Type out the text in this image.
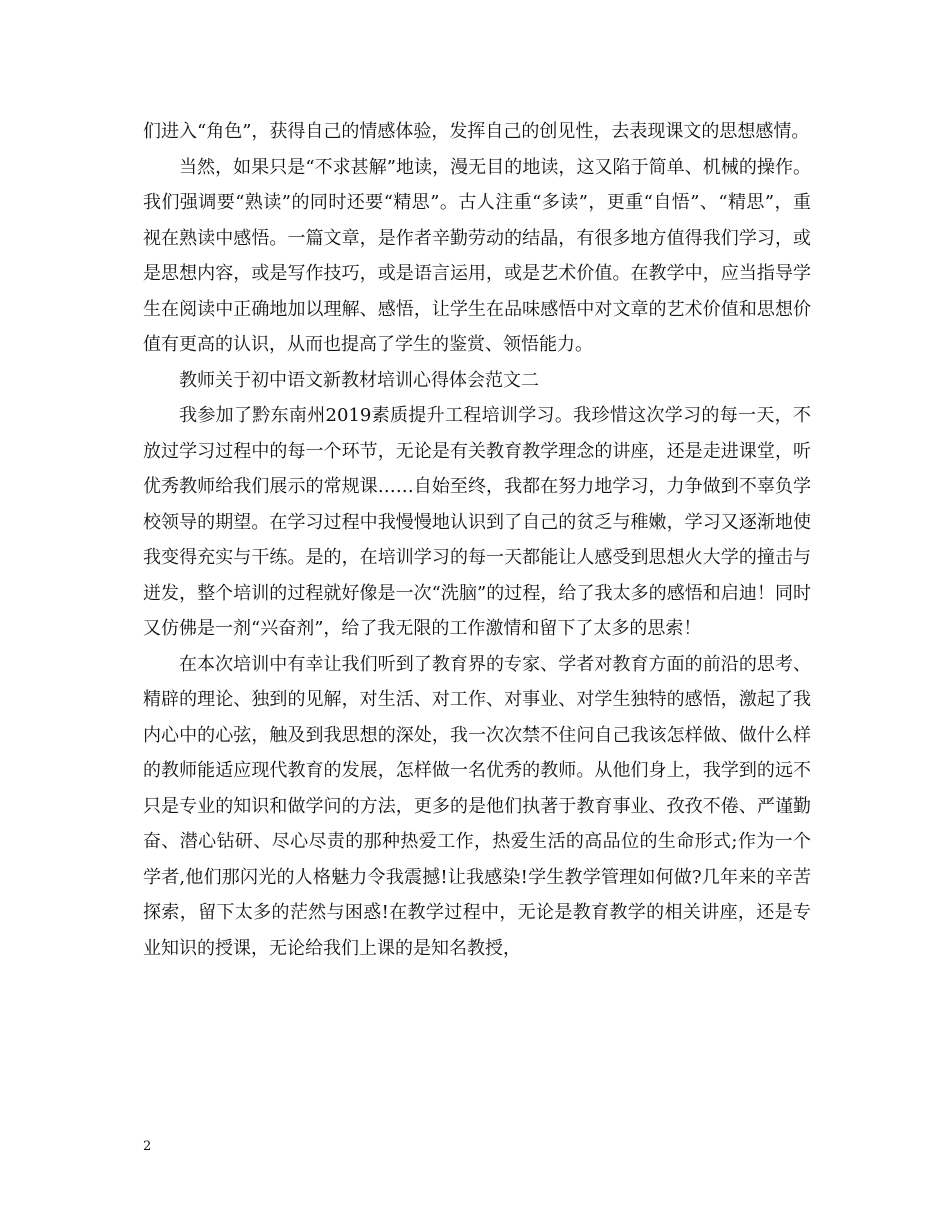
们进入“角色”，获得自己的情感体验，发挥自己的创见性，去表现课文的思想感情。

当然，如果只是“不求甚解”地读，漫无目的地读，这又陷于简单、机械的操作。我们强调要“熟读”的同时还要“精思”。古人注重“多读”，更重“自悟”、“精思”，重视在熟读中感悟。一篇文章，是作者辛勤劳动的结晶，有很多地方值得我们学习，或是思想内容，或是写作技巧，或是语言运用，或是艺术价值。在教学中，应当指导学生在阅读中正确地加以理解、感悟，让学生在品味感悟中对文章的艺术价值和思想价值有更高的认识，从而也提高了学生的鉴赏、领悟能力。

教师关于初中语文新教材培训心得体会范文二

我参加了黔东南州2019素质提升工程培训学习。我珍惜这次学习的每一天，不放过学习过程中的每一个环节，无论是有关教育教学理念的讲座，还是走进课堂，听优秀教师给我们展示的常规课……自始至终，我都在努力地学习，力争做到不辜负学校领导的期望。在学习过程中我慢慢地认识到了自己的贫乏与稚嫩，学习又逐渐地使我变得充实与干练。是的，在培训学习的每一天都能让人感受到思想火大学的撞击与迸发，整个培训的过程就好像是一次“洗脑”的过程，给了我太多的感悟和启迪！同时又仿佛是一剂“兴奋剂”，给了我无限的工作激情和留下了太多的思索！

在本次培训中有幸让我们听到了教育界的专家、学者对教育方面的前沿的思考、精辟的理论、独到的见解，对生活、对工作、对事业、对学生独特的感悟，激起了我内心中的心弦，触及到我思想的深处，我一次次禁不住问自己我该怎样做、做什么样的教师能适应现代教育的发展，怎样做一名优秀的教师。从他们身上，我学到的远不只是专业的知识和做学问的方法，更多的是他们执著于教育事业、孜孜不倦、严谨勤奋、潜心钻研、尽心尽责的那种热爱工作，热爱生活的高品位的生命形式;作为一个学者,他们那闪光的人格魅力令我震撼!让我感染!学生教学管理如何做?几年来的辛苦探索，留下太多的茫然与困惑!在教学过程中，无论是教育教学的相关讲座，还是专业知识的授课，无论给我们上课的是知名教授，

2
